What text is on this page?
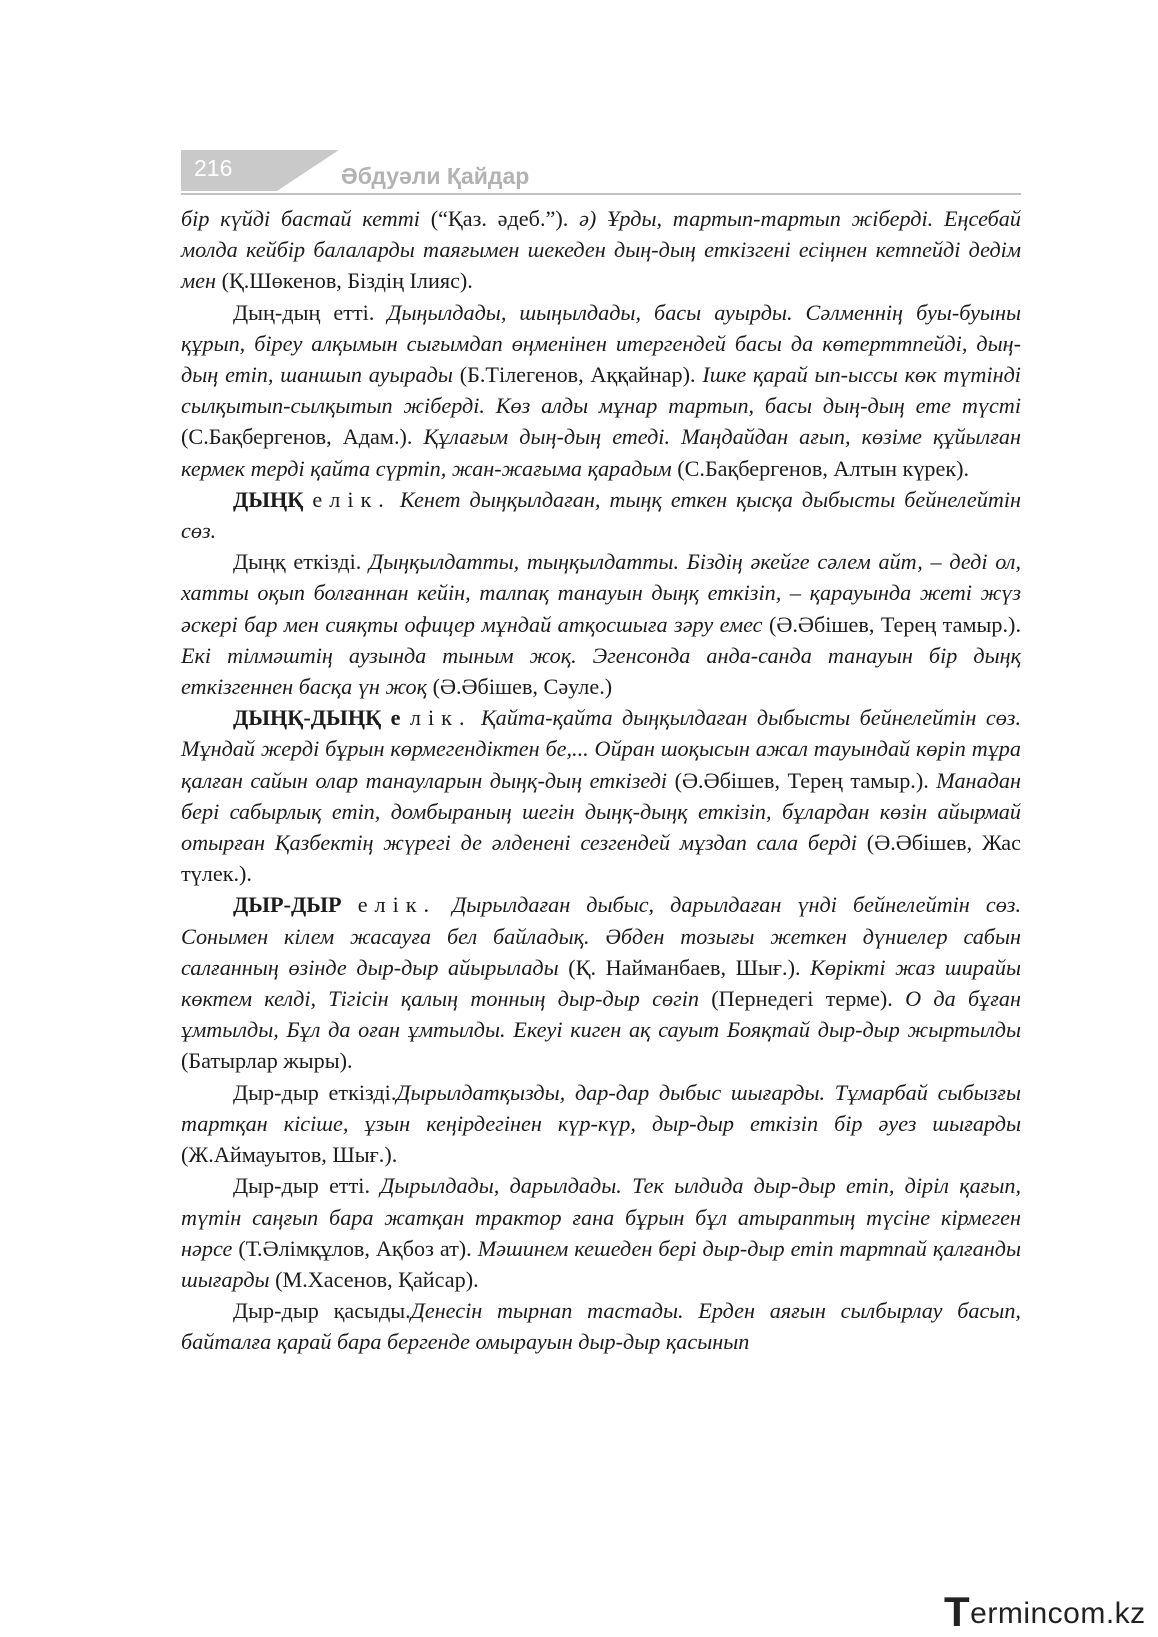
216	Әбдуәли Қайдар

бір күйді бастай кетті (“Қаз. әдеб.”). ә) Ұрды, тартып-тартып жіберді. Еңсебай молда кейбір балаларды таяғымен шекеден дың-дың еткізгені есіңнен кетпейді дедім мен (Қ.Шөкенов, Біздің Ілияс).

Дың-дың етті. Дыңылдады, шыңылдады, басы ауырды. Сәлменнің буы-буыны құрып, біреу алқымын сығымдап өңменінен итергендей басы да көтерттпейді, дың-дың етіп, шаншып ауырады (Б.Тілегенов, Аққайнар). Ішке қарай ып-ыссы көк түтінді сылқытып-сылқытып жіберді. Көз алды мұнар тартып, басы дың-дың ете түсті (С.Бақбергенов, Адам.). Құлағым дың-дың етеді. Маңдайдан ағып, көзіме құйылған кермек терді қайта сүртіп, жан-жағыма қарадым (С.Бақбергенов, Алтын күрек).

ДЫҢҚ елік. Кенет дыңқылдаған, тыңқ еткен қысқа дыбысты бейнелейтін сөз.

Дыңқ еткізді. Дыңқылдатты, тыңқылдатты. Біздің әкейге сәлем айт, – деді ол, хатты оқып болғаннан кейін, талпақ танауын дыңқ еткізіп, – қарауында жеті жүз әскері бар мен сияқты офицер мұндай атқосшыға зәру емес (Ә.Әбішев, Терең тамыр.). Екі тілмәштің аузында тыным жоқ. Эгенсонда анда-санда танауын бір дыңқ еткізгеннен басқа үн жоқ (Ә.Әбішев, Сәуле.)

ДЫҢҚ-ДЫҢҚ е лік. Қайта-қайта дыңқылдаған дыбысты бейнелейтін сөз. Мұндай жерді бұрын көрмегендіктен бе,... Ойран шоқысын ажал тауындай көріп тұра қалған сайын олар танауларын дыңқ-дың еткізеді (Ә.Әбішев, Терең тамыр.). Манадан бері сабырлық етіп, домбыраның шегін дыңқ-дыңқ еткізіп, бұлардан көзін айырмай отырған Қазбектің жүрегі де әлденені сезгендей мұздап сала берді (Ә.Әбішев, Жас түлек.).

ДЫР-ДЫР елік. Дырылдаған дыбыс, дарылдаған үнді бейнелейтін сөз. Сонымен кілем жасауға бел байладық. Әбден тозығы жеткен дүниелер сабын салғанның өзінде дыр-дыр айырылады (Қ. Найманбаев, Шығ.). Көрікті жаз ширайы көктем келді, Тігісін қалың тонның дыр-дыр сөгіп (Пернедегі терме). О да бұған ұмтылды, Бұл да оған ұмтылды. Екеуі киген ақ сауыт Бояқтай дыр-дыр жыртылды (Батырлар жыры).

Дыр-дыр еткізді.Дырылдатқызды, дар-дар дыбыс шығарды. Тұмарбай сыбызғы тартқан кісіше, ұзын кеңірдегінен күр-күр, дыр-дыр еткізіп бір әуез шығарды (Ж.Аймауытов, Шығ.).

Дыр-дыр етті. Дырылдады, дарылдады. Тек ылдида дыр-дыр етіп, діріл қағып, түтін саңғып бара жатқан трактор ғана бұрын бұл атыраптың түсіне кірмеген нәрсе (Т.Әлімқұлов, Ақбоз ат). Мәшинем кешеден бері дыр-дыр етіп тартпай қалғанды шығарды (М.Хасенов, Қайсар).

Дыр-дыр қасыды.Денесін тырнап тастады. Ерден аяғын сылбырлау басып, байталға қарай бара бергенде омырауын дыр-дыр қасынып

Termincom.kz
